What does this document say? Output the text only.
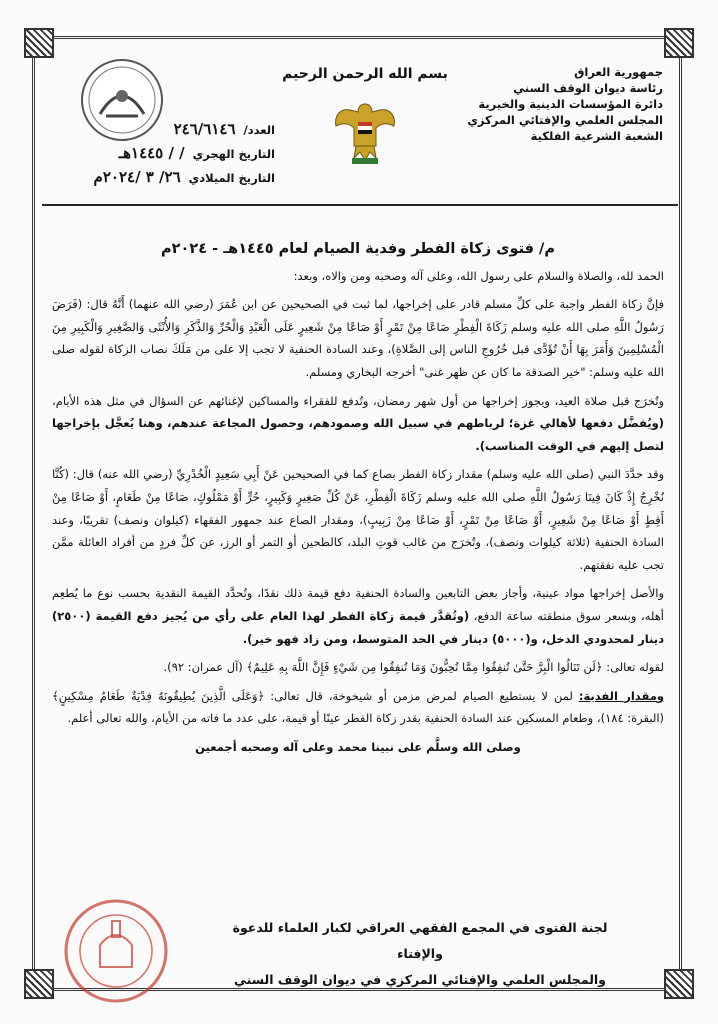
جمهورية العراق
رئاسة ديوان الوقف السني
دائرة المؤسسات الدينية والخيرية
المجلس العلمي والإفتائي المركزي
الشعبة الشرعية الفلكية
بسم الله الرحمن الرحيم
العدد/٢٤٦/٦١٤٦
التاريخ الهجري/ / ١٤٤٥هـ
التاريخ الميلادي٢٦/ ٣ /٢٠٢٤م
م/ فتوى زكاة الفطر وفدية الصيام لعام ١٤٤٥هـ - ٢٠٢٤م

الحمد لله، والصلاة والسلام على رسول الله، وعلى آله وصحبه ومن والاه، وبعد:

فإنَّ زكاة الفطر واجبة على كلِّ مسلم قادر على إخراجها، لما ثبت في الصحيحين عن ابن عُمَرَ (رضي الله عنهما) أَنَّهُ قال: (فَرَضَ رَسُولُ اللَّهِ صلى الله عليه وسلم زَكَاةَ الْفِطْرِ صَاعًا مِنْ تَمْرٍ أَوْ صَاعًا مِنْ شَعِيرٍ عَلَى الْعَبْدِ وَالْحُرِّ وَالذَّكَرِ وَالأُنْثَى وَالصَّغِيرِ وَالْكَبِيرِ مِنَ الْمُسْلِمِينَ وَأَمَرَ بِهَا أَنْ تُؤَدَّى قبل خُرُوجِ الناس إلى الصَّلاةِ)، وعند السادة الحنفية لا تجب إلا على من مَلَكَ نصاب الزكاة لقوله صلى الله عليه وسلم: "خير الصدقة ما كان عن ظهر غنى" أخرجه البخاري ومسلم.

وتُخرَج قبل صلاة العيد، ويجوز إخراجها من أول شهر رمضان، وتُدفع للفقراء والمساكين لإغنائهم عن السؤال في مثل هذه الأيام، (ويُفضَّل دفعها لأهالي غزة؛ لرباطهم في سبيل الله وصمودهم، وحصول المجاعة عندهم، وهنا يُعجَّل بإخراجها لتصل إليهم في الوقت المناسب).

وقد حدَّدَ النبي (صلى الله عليه وسلم) مقدار زكاة الفطر بصاع كما في الصحيحين عَنْ أَبِي سَعِيدٍ الْخُدْرِيِّ (رضي الله عنه) قال: (كُنَّا نُخْرِجُ إِذْ كَانَ فِينَا رَسُولُ اللَّهِ صلى الله عليه وسلم زَكَاةَ الْفِطْرِ، عَنْ كُلِّ صَغِيرٍ وَكَبِيرٍ، حُرٍّ أَوْ مَمْلُوكٍ، صَاعًا مِنْ طَعَامٍ، أَوْ صَاعًا مِنْ أَقِطٍ أَوْ صَاعًا مِنْ شَعِيرٍ، أَوْ صَاعًا مِنْ تَمْرٍ، أَوْ صَاعًا مِنْ زَبِيبٍ)، ومقدار الصاع عند جمهور الفقهاء (كيلوان ونصف) تقريبًا، وعند السادة الحنفية (ثلاثة كيلوات ونصف)، وتُخرَج من غالب قوتِ البلد، كالطحين أو التمر أو الرز، عن كلِّ فردٍ من أفراد العائلة ممَّن تجب عليه نفقتهم.

والأصل إخراجها مواد عينية، وأجاز بعض التابعين والسادة الحنفية دفع قيمة ذلك نقدًا، وتُحدَّد القيمة النقدية بحسب نوع ما يُطعِم أهله، وبسعر سوق منطقته ساعة الدفع، (وتُقدَّر قيمة زكاة الفطر لهذا العام على رأي من يُجيز دفع القيمة (٢٥٠٠) دينار لمحدودي الدخل، و(٥٠٠٠) دينار في الحد المتوسط، ومن زاد فهو خير).

لقوله تعالى: ﴿لَن تَنَالُوا الْبِرَّ حَتَّىٰ تُنفِقُوا مِمَّا تُحِبُّونَ وَمَا تُنفِقُوا مِن شَيْءٍ فَإِنَّ اللَّهَ بِهِ عَلِيمٌ﴾ (آل عمران: ٩٢).

ومقدار الفدية: لمن لا يستطيع الصيام لمرض مزمن أو شيخوخة، قال تعالى: ﴿وَعَلَى الَّذِينَ يُطِيقُونَهُ فِدْيَةٌ طَعَامُ مِسْكِينٍ﴾ (البقرة: ١٨٤)، وطعام المسكين عند السادة الحنفية بقدر زكاة الفطر عينًا أو قيمة، على عدد ما فاته من الأيام، والله تعالى أعلم.

وصلى الله وسلَّم على نبينا محمد وعلى آله وصحبه أجمعين

لجنة الفتوى في المجمع الفقهي العراقي لكبار العلماء للدعوة والإفتاء
والمجلس العلمي والإفتائي المركزي في ديوان الوقف السني
